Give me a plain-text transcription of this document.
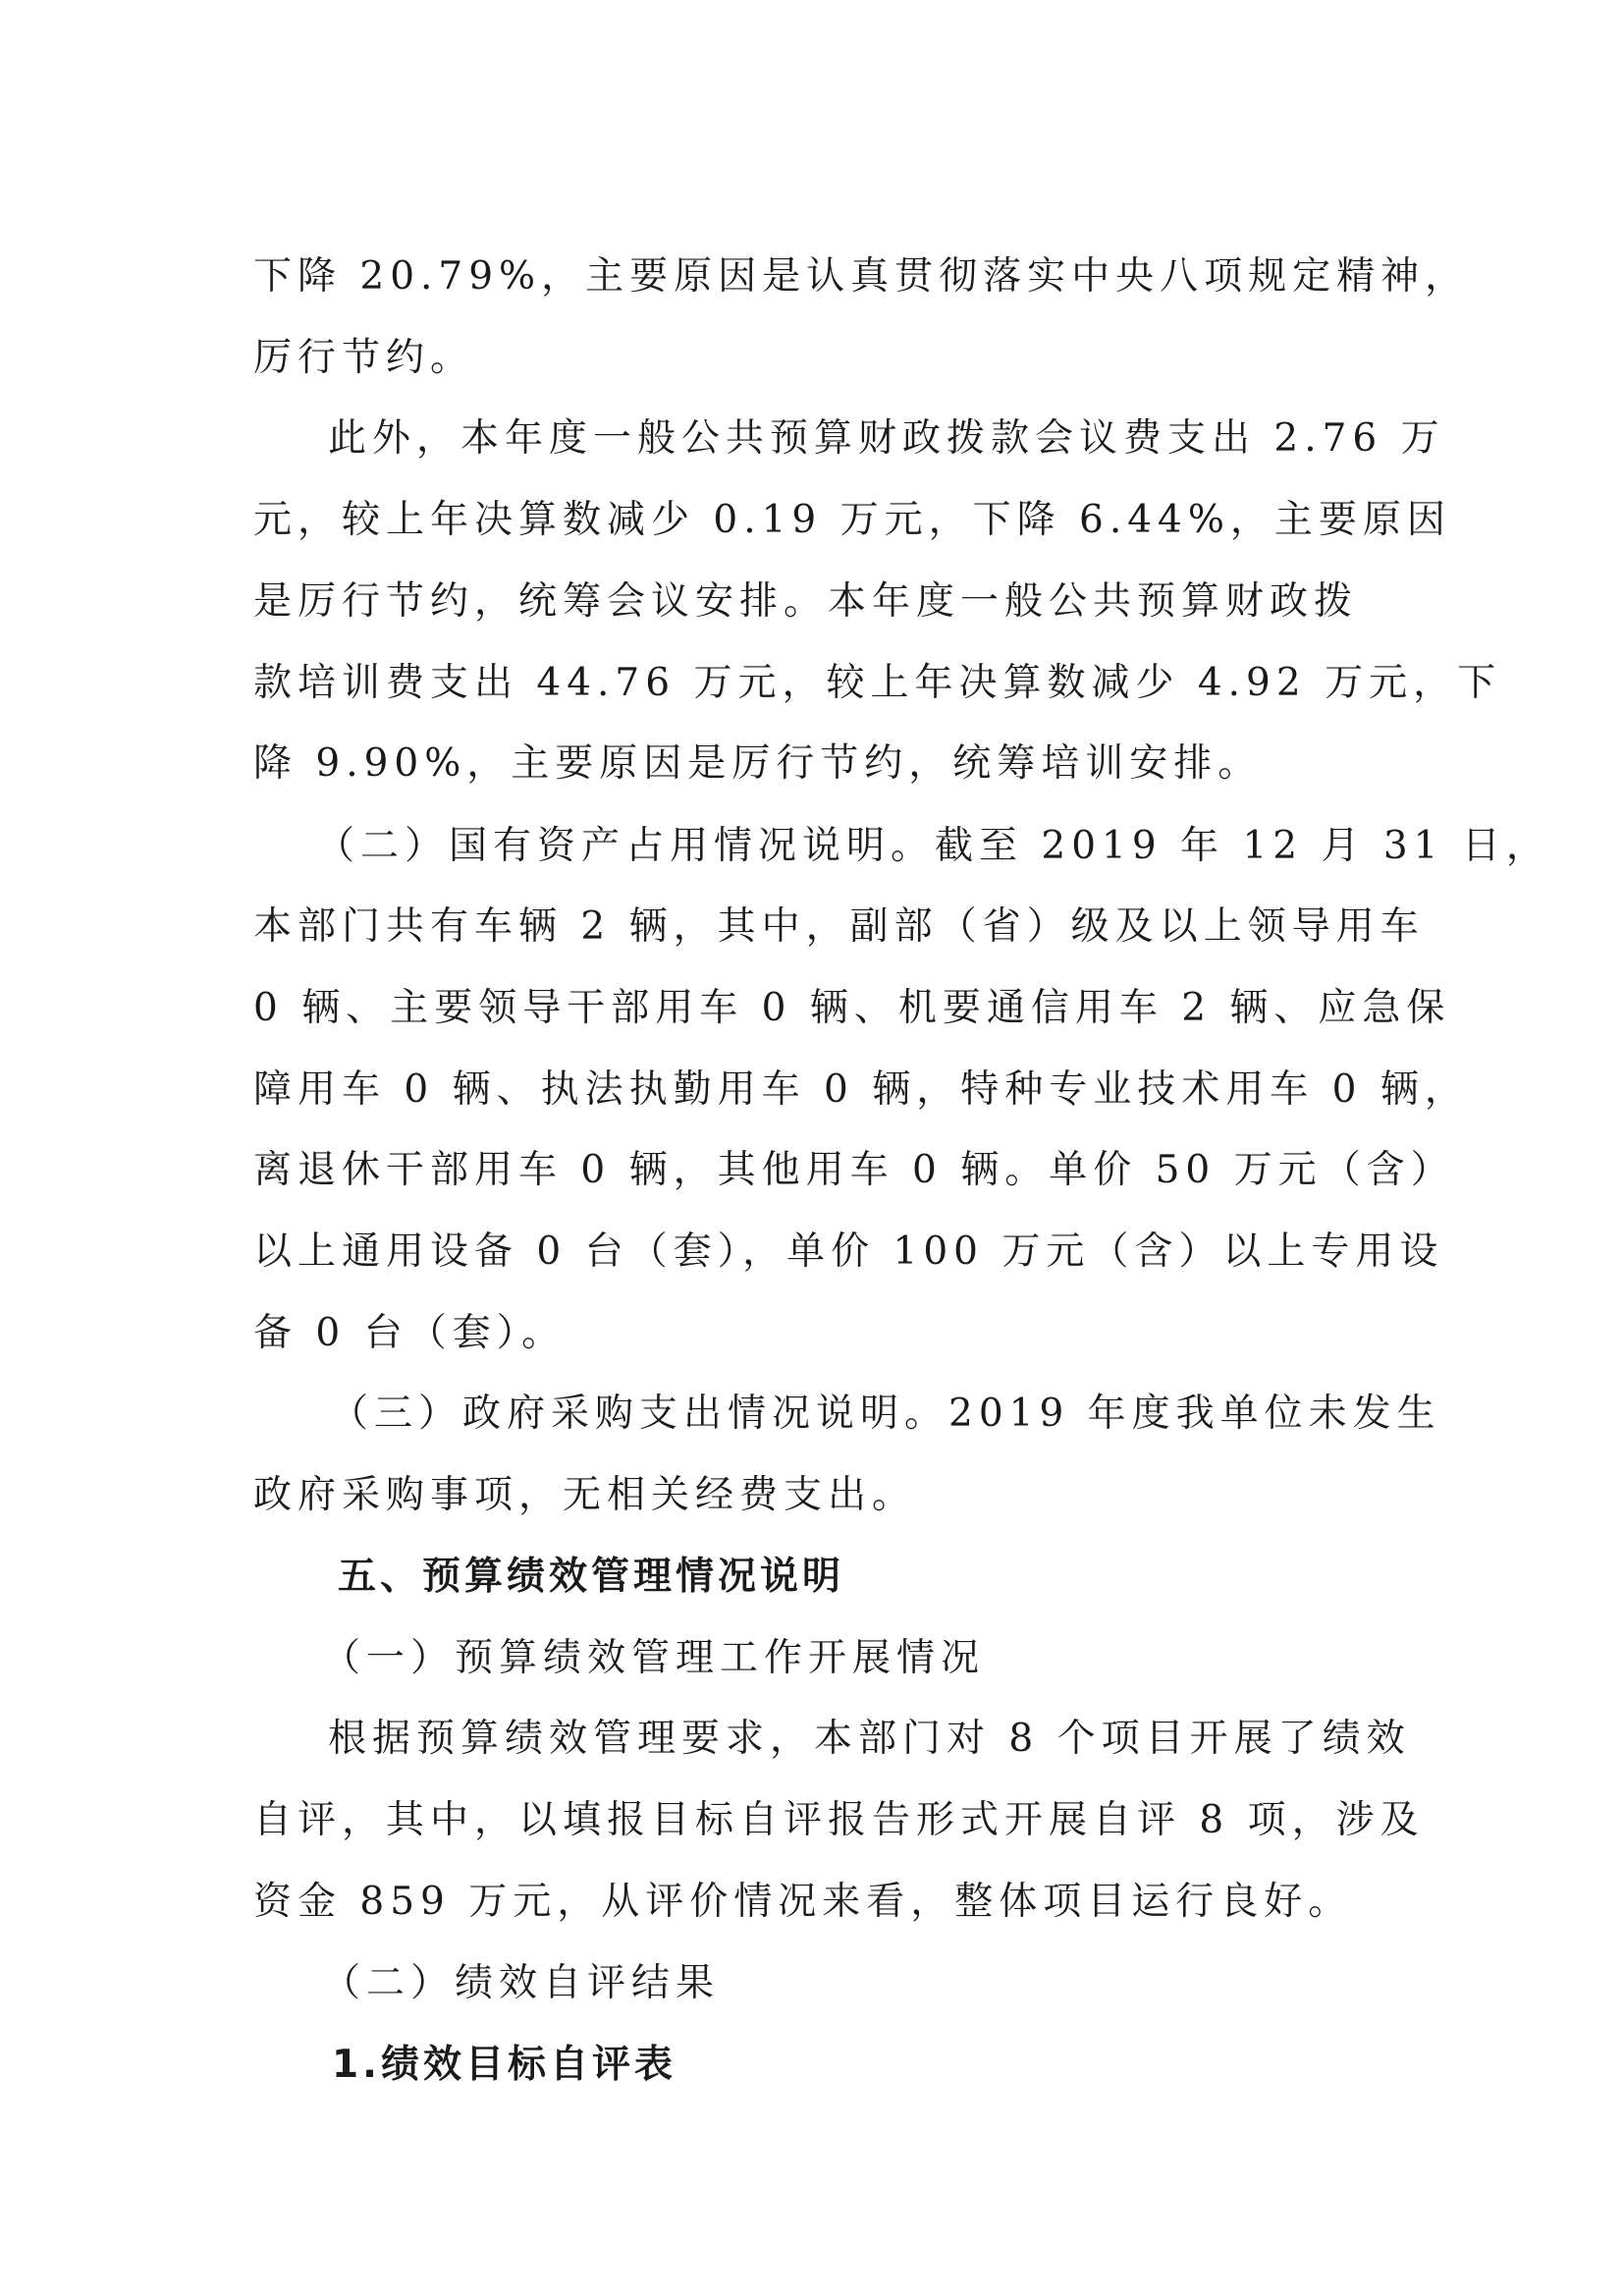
下降 20.79%，主要原因是认真贯彻落实中央八项规定精神，
厉行节约。
此外，本年度一般公共预算财政拨款会议费支出 2.76 万
元，较上年决算数减少 0.19 万元，下降 6.44%，主要原因
是厉行节约，统筹会议安排。本年度一般公共预算财政拨
款培训费支出 44.76 万元，较上年决算数减少 4.92 万元，下
降 9.90%，主要原因是厉行节约，统筹培训安排。
（二）国有资产占用情况说明。截至 2019 年 12 月 31 日，
本部门共有车辆 2 辆，其中，副部（省）级及以上领导用车
0 辆、主要领导干部用车 0 辆、机要通信用车 2 辆、应急保
障用车 0 辆、执法执勤用车 0 辆，特种专业技术用车 0 辆，
离退休干部用车 0 辆，其他用车 0 辆。单价 50 万元（含）
以上通用设备 0 台（套），单价 100 万元（含）以上专用设
备 0 台（套）。
（三）政府采购支出情况说明。2019 年度我单位未发生
政府采购事项，无相关经费支出。
五、预算绩效管理情况说明
（一）预算绩效管理工作开展情况
根据预算绩效管理要求，本部门对 8 个项目开展了绩效
自评，其中，以填报目标自评报告形式开展自评 8 项，涉及
资金 859 万元，从评价情况来看，整体项目运行良好。
（二）绩效自评结果
1.绩效目标自评表
